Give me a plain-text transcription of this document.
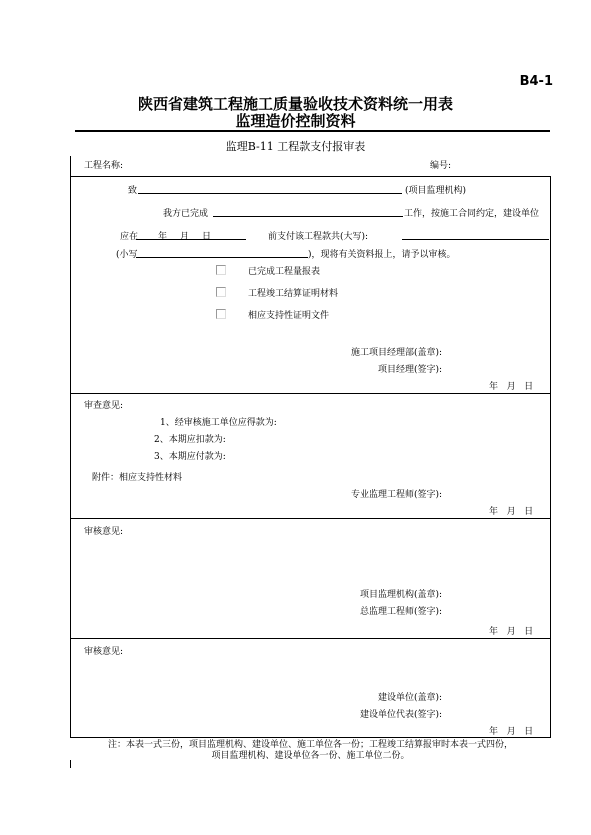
B4-1
陕西省建筑工程施工质量验收技术资料统一用表
监理造价控制资料
监理B-11 工程款支付报审表
工程名称:	编号:
致	(项目监理机构)
我方已完成	工作，按施工合同约定，建设单位
应在 年 月 日	前支付该工程款共(大写):
(小写	)，现将有关资料报上，请予以审核。
已完成工程量报表
工程竣工结算证明材料
相应支持性证明文件
施工项目经理部(盖章):
项目经理(签字):
年   月   日
审查意见:
1、经审核施工单位应得款为:
2、本期应扣款为:
3、本期应付款为:
附件：相应支持性材料
专业监理工程师(签字):
年   月   日
审核意见:
项目监理机构(盖章):
总监理工程师(签字):
年   月   日
审核意见:
建设单位(盖章):
建设单位代表(签字):
年   月   日
注：本表一式三份，项目监理机构、建设单位、施工单位各一份；工程竣工结算报审时本表一式四份，
项目监理机构、建设单位各一份、施工单位二份。
